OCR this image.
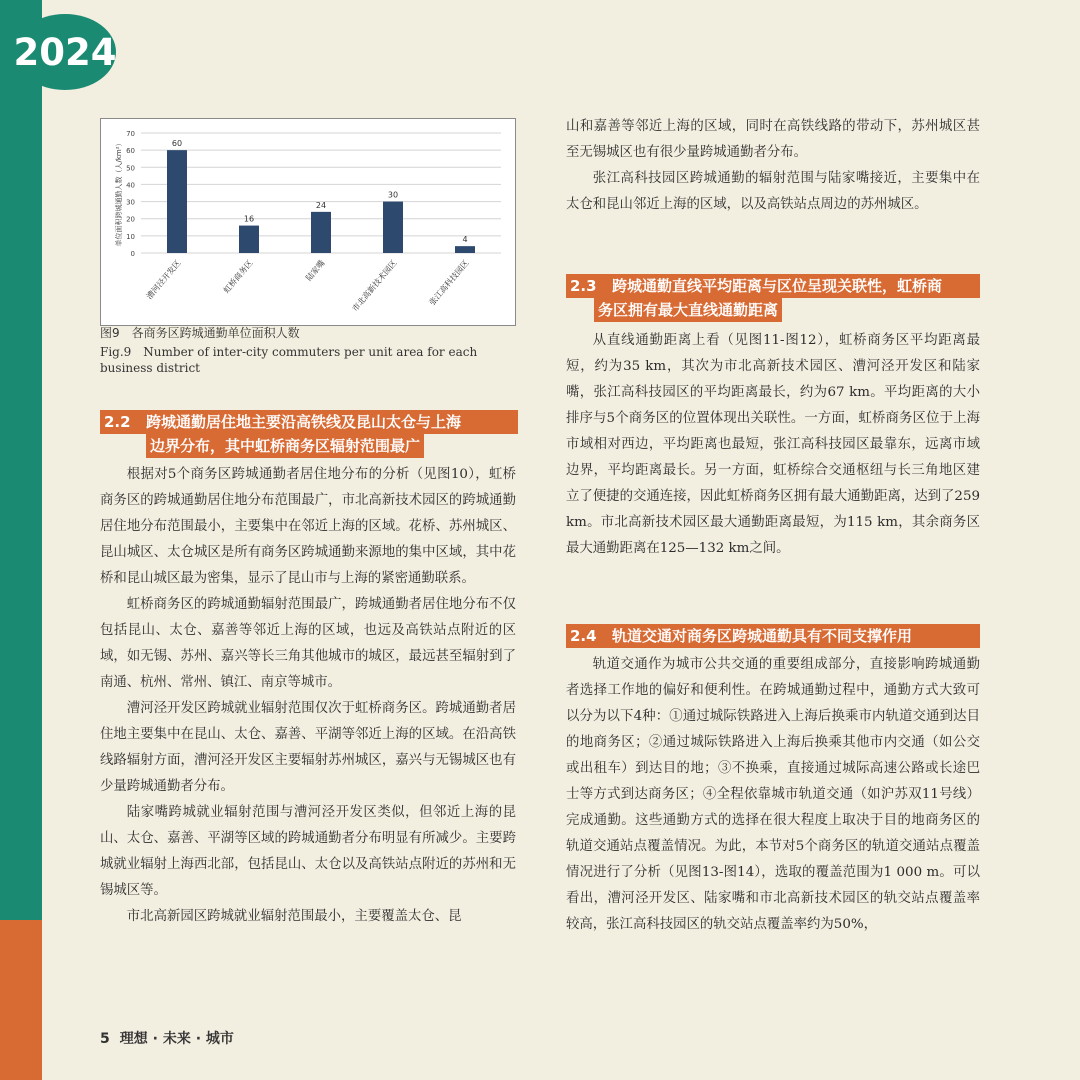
2024
0
10
20
30
40
50
60
70
单位面积跨城通勤人数（人/km²）	60
漕河泾开发区
16
虹桥商务区
24
陆家嘴
30
市北高新技术园区
4
张江高科技园区
图9　各商务区跨城通勤单位面积人数
Fig.9　Number of inter-city commuters per unit area for each business district
2.2 跨城通勤居住地主要沿高铁线及昆山太仓与上海
边界分布，其中虹桥商务区辐射范围最广

根据对5个商务区跨城通勤者居住地分布的分析（见图10），虹桥商务区的跨城通勤居住地分布范围最广，市北高新技术园区的跨城通勤居住地分布范围最小，主要集中在邻近上海的区域。花桥、苏州城区、昆山城区、太仓城区是所有商务区跨城通勤来源地的集中区域，其中花桥和昆山城区最为密集，显示了昆山市与上海的紧密通勤联系。

虹桥商务区的跨城通勤辐射范围最广，跨城通勤者居住地分布不仅包括昆山、太仓、嘉善等邻近上海的区域，也远及高铁站点附近的区域，如无锡、苏州、嘉兴等长三角其他城市的城区，最远甚至辐射到了南通、杭州、常州、镇江、南京等城市。

漕河泾开发区跨城就业辐射范围仅次于虹桥商务区。跨城通勤者居住地主要集中在昆山、太仓、嘉善、平湖等邻近上海的区域。在沿高铁线路辐射方面，漕河泾开发区主要辐射苏州城区，嘉兴与无锡城区也有少量跨城通勤者分布。

陆家嘴跨城就业辐射范围与漕河泾开发区类似，但邻近上海的昆山、太仓、嘉善、平湖等区域的跨城通勤者分布明显有所减少。主要跨城就业辐射上海西北部，包括昆山、太仓以及高铁站点附近的苏州和无锡城区等。

市北高新园区跨城就业辐射范围最小，主要覆盖太仓、昆

山和嘉善等邻近上海的区域，同时在高铁线路的带动下，苏州城区甚至无锡城区也有很少量跨城通勤者分布。

张江高科技园区跨城通勤的辐射范围与陆家嘴接近，主要集中在太仓和昆山邻近上海的区域，以及高铁站点周边的苏州城区。

2.3 跨城通勤直线平均距离与区位呈现关联性，虹桥商
务区拥有最大直线通勤距离

从直线通勤距离上看（见图11-图12），虹桥商务区平均距离最短，约为35 km，其次为市北高新技术园区、漕河泾开发区和陆家嘴，张江高科技园区的平均距离最长，约为67 km。平均距离的大小排序与5个商务区的位置体现出关联性。一方面，虹桥商务区位于上海市域相对西边，平均距离也最短，张江高科技园区最靠东，远离市域边界，平均距离最长。另一方面，虹桥综合交通枢纽与长三角地区建立了便捷的交通连接，因此虹桥商务区拥有最大通勤距离，达到了259 km。市北高新技术园区最大通勤距离最短，为115 km，其余商务区最大通勤距离在125—132 km之间。

2.4 轨道交通对商务区跨城通勤具有不同支撑作用

轨道交通作为城市公共交通的重要组成部分，直接影响跨城通勤者选择工作地的偏好和便利性。在跨城通勤过程中，通勤方式大致可以分为以下4种：①通过城际铁路进入上海后换乘市内轨道交通到达目的地商务区；②通过城际铁路进入上海后换乘其他市内交通（如公交或出租车）到达目的地；③不换乘，直接通过城际高速公路或长途巴士等方式到达商务区；④全程依靠城市轨道交通（如沪苏双11号线）完成通勤。这些通勤方式的选择在很大程度上取决于目的地商务区的轨道交通站点覆盖情况。为此，本节对5个商务区的轨道交通站点覆盖情况进行了分析（见图13-图14），选取的覆盖范围为1 000 m。可以看出，漕河泾开发区、陆家嘴和市北高新技术园区的轨交站点覆盖率较高，张江高科技园区的轨交站点覆盖率约为50%，

5 理想 · 未来 · 城市
